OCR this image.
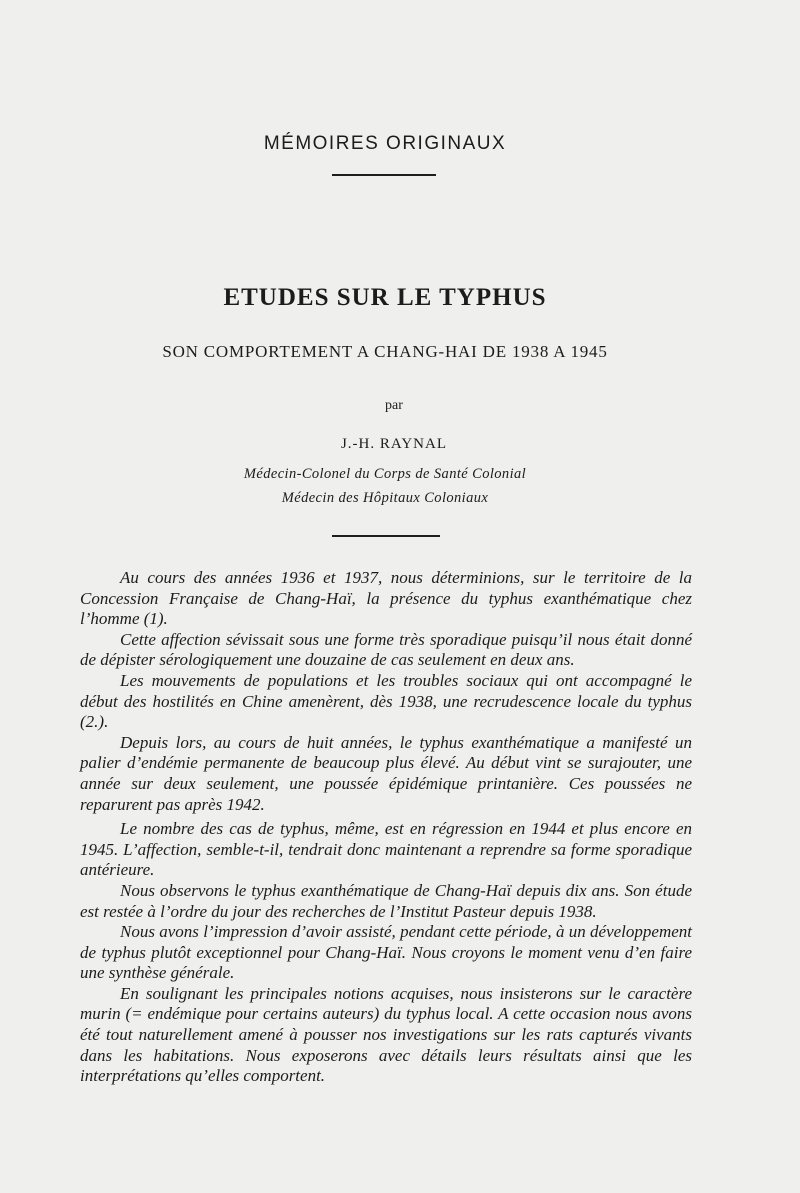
MÉMOIRES ORIGINAUX
ETUDES SUR LE TYPHUS
SON COMPORTEMENT A CHANG-HAI DE 1938 A 1945
par
J.-H. RAYNAL
Médecin-Colonel du Corps de Santé Colonial
Médecin des Hôpitaux Coloniaux

Au cours des années 1936 et 1937, nous déterminions, sur le territoire de la Concession Française de Chang-Haï, la présence du typhus exanthématique chez l’homme (1).

Cette affection sévissait sous une forme très sporadique puisqu’il nous était donné de dépister sérologiquement une douzaine de cas seulement en deux ans.

Les mouvements de populations et les troubles sociaux qui ont accompagné le début des hostilités en Chine amenèrent, dès 1938, une recrudescence locale du typhus (2.).

Depuis lors, au cours de huit années, le typhus exanthématique a manifesté un palier d’endémie permanente de beaucoup plus élevé. Au début vint se surajouter, une année sur deux seulement, une poussée épidémique printanière. Ces poussées ne reparurent pas après 1942.

Le nombre des cas de typhus, même, est en régression en 1944 et plus encore en 1945. L’affection, semble-t-il, tendrait donc maintenant a reprendre sa forme sporadique antérieure.

Nous observons le typhus exanthématique de Chang-Haï depuis dix ans. Son étude est restée à l’ordre du jour des recherches de l’Institut Pasteur depuis 1938.

Nous avons l’impression d’avoir assisté, pendant cette période, à un développement de typhus plutôt exceptionnel pour Chang-Haï. Nous croyons le moment venu d’en faire une synthèse générale.

En soulignant les principales notions acquises, nous insisterons sur le caractère murin (= endémique pour certains auteurs) du typhus local. A cette occasion nous avons été tout naturellement amené à pousser nos investigations sur les rats capturés vivants dans les habitations. Nous exposerons avec détails leurs résultats ainsi que les interprétations qu’elles comportent.
